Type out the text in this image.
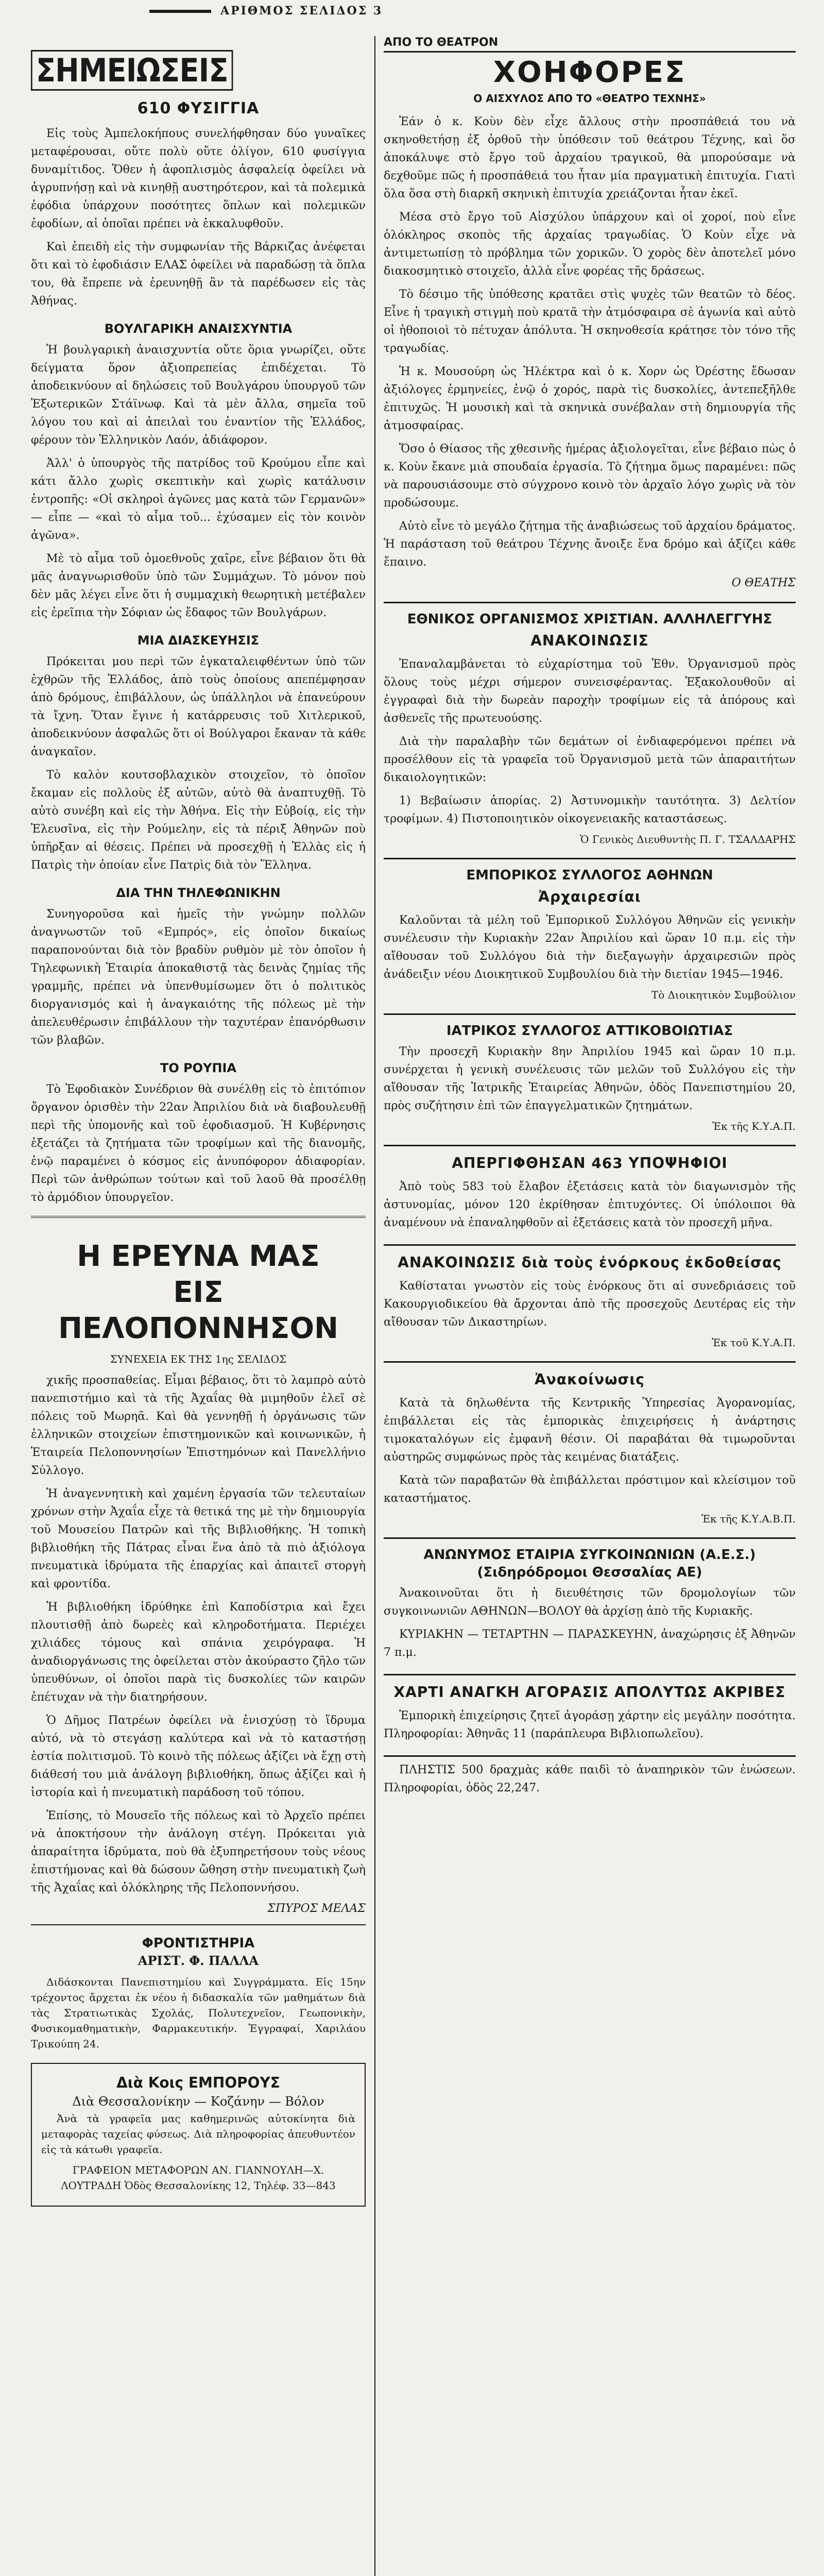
ΑΡΙΘΜΟΣ ΣΕΛΙΔΟΣ 3
ΣΗΜΕΙΩΣΕΙΣ
610 ΦΥΣΙΓΓΙΑ

Εἰς τοὺς Ἀμπελοκήπους συνελήφθησαν δύο γυναῖκες μεταφέρουσαι, οὔτε πολὺ οὔτε ὀλίγον, 610 φυσίγγια δυναμίτιδος. Ὅθεν ἡ ἀφοπλισμὸς ἀσφαλείᾳ ὀφείλει νὰ ἀγρυπνήσῃ καὶ νὰ κινηθῇ αυστηρότερον, καὶ τὰ πολεμικὰ ἐφόδια ὑπάρχουν ποσότητες ὅπλων καὶ πολεμικῶν ἐφοδίων, αἱ ὁποῖαι πρέπει νὰ ἐκκαλυφθοῦν.

Καὶ ἐπειδὴ εἰς τὴν συμφωνίαν τῆς Βάρκιζας ἀνέφεται ὅτι καὶ τὸ ἐφοδιάσιν ΕΛΑΣ ὀφείλει νὰ παραδώσῃ τὰ ὅπλα του, θὰ ἔπρεπε νὰ ἐρευνηθῇ ἂν τὰ παρέδωσεν εἰς τὰς Ἀθήνας.

ΒΟΥΛΓΑΡΙΚΗ ΑΝΑΙΣΧΥΝΤΙΑ

Ἡ βουλγαρικὴ ἀναισχυντία οὔτε ὅρια γνωρίζει, οὔτε δείγματα ὅρον ἀξιοπρεπείας ἐπιδέχεται. Τὸ ἀποδεικνύουν αἱ δηλώσεις τοῦ Βουλγάρου ὑπουργοῦ τῶν Ἐξωτερικῶν Στάϊνωφ. Καὶ τὰ μὲν ἄλλα, σημεῖα τοῦ λόγου του καὶ αἱ ἀπειλαὶ του ἐναντίον τῆς Ἑλλάδος, φέρουν τὸν Ἑλληνικὸν Λαόν, ἀδιάφορον.

Ἀλλ' ὁ ὑπουργὸς τῆς πατρίδος τοῦ Κρούμου εἶπε καὶ κάτι ἄλλο χωρὶς σκεπτικὴν καὶ χωρὶς κατάλυσιν ἐντροπῆς: «Οἱ σκληροὶ ἀγῶνες μας κατὰ τῶν Γερμανῶν» — εἶπε — «καὶ τὸ αἷμα τοῦ... ἐχύσαμεν εἰς τὸν κοινὸν ἀγῶνα».

Μὲ τὸ αἷμα τοῦ ὁμοεθνοῦς χαῖρε, εἶνε βέβαιον ὅτι θὰ μᾶς ἀναγνωρισθοῦν ὑπὸ τῶν Συμμάχων. Τὸ μόνον ποὺ δὲν μᾶς λέγει εἶνε ὅτι ἡ συμμαχικὴ θεωρητικὴ μετέβαλεν εἰς ἐρεῖπια τὴν Σόφιαν ὡς ἔδαφος τῶν Βουλγάρων.

ΜΙΑ ΔΙΑΣΚΕΥΗΣΙΣ

Πρόκειται μου περὶ τῶν ἐγκαταλειφθέντων ὑπὸ τῶν ἐχθρῶν τῆς Ἑλλάδος, ἀπὸ τοὺς ὁποίους απεπέμφησαν ἀπὸ δρόμους, ἐπιβάλλουν, ὡς ὑπάλληλοι νὰ ἐπανεύρουν τὰ ἴχνη. Ὅταν ἔγινε ἡ κατάρρευσις τοῦ Χιτλερικοῦ, ἀποδεικνύουν ἀσφαλῶς ὅτι οἱ Βούλγαροι ἔκαναν τὰ κάθε ἀναγκαῖον.

Τὸ καλὸν κουτσοβλαχικὸν στοιχεῖον, τὸ ὁποῖον ἔκαμαν εἰς πολλοὺς ἐξ αὐτῶν, αὐτὸ θὰ ἀναπτυχθῇ. Τὸ αὐτὸ συνέβη καὶ εἰς τὴν Ἀθήνα. Εἰς τὴν Εὐβοίᾳ, εἰς τὴν Ἐλευσῖνα, εἰς τὴν Ρούμελην, εἰς τὰ πέριξ Ἀθηνῶν ποὺ ὑπῆρξαν αἱ θέσεις. Πρέπει νὰ προσεχθῇ ἡ Ἑλλὰς εἰς ἡ Πατρὶς τὴν ὁποίαν εἶνε Πατρὶς διὰ τὸν Ἕλληνα.

ΔΙΑ ΤΗΝ ΤΗΛΕΦΩΝΙΚΗΝ

Συνηγοροῦσα καὶ ἡμεῖς τὴν γνώμην πολλῶν ἀναγνωστῶν τοῦ «Εμπρός», εἰς ὁποῖον δικαίως παραπονούνται διὰ τὸν βραδὺν ρυθμὸν μὲ τὸν ὁποῖον ἡ Τηλεφωνικὴ Ἑταιρία ἀποκαθιστᾷ τὰς δεινὰς ζημίας τῆς γραμμῆς, πρέπει νὰ ὑπενθυμίσωμεν ὅτι ὁ πολιτικὸς διοργανισμός καὶ ἡ ἀναγκαιότης τῆς πόλεως μὲ τὴν ἀπελευθέρωσιν ἐπιβάλλουν τὴν ταχυτέραν ἐπανόρθωσιν τῶν βλαβῶν.

ΤΟ ΡΟΥΠΙΑ

Τὸ Ἐφοδιακὸν Συνέδριον θὰ συνέλθῃ εἰς τὸ ἐπιτόπιον ὄργανον ὁρισθὲν τὴν 22αν Ἀπριλίου διὰ νὰ διαβουλευθῇ περὶ τῆς ὑπομονῆς καὶ τοῦ ἐφοδιασμοῦ. Ἡ Κυβέρνησις ἐξετάζει τὰ ζητήματα τῶν τροφίμων καὶ τῆς διανομῆς, ἐνῷ παραμένει ὁ κόσμος εἰς ἀνυπόφορον ἀδιαφορίαν. Περὶ τῶν ἀνθρώπων τούτων καὶ τοῦ λαοῦ θὰ προσέλθῃ τὸ ἀρμόδιον ὑπουργεῖον.

Η ΕΡΕΥΝΑ ΜΑΣ
ΕΙΣ ΠΕΛΟΠΟΝΝΗΣΟΝ
ΣΥΝΕΧΕΙΑ ΕΚ ΤΗΣ 1ης ΣΕΛΙΔΟΣ

χικῆς προσπαθείας. Εἶμαι βέβαιος, ὅτι τὸ λαμπρὸ αὐτὸ πανεπιστήμιο καὶ τὰ τῆς Ἀχαΐας θὰ μιμηθοῦν ἐλεῖ σὲ πόλεις τοῦ Μωρηᾶ. Καὶ θὰ γεννηθῇ ἡ ὀργάνωσις τῶν ἐλληνικῶν στοιχείων ἐπιστημονικῶν καὶ κοινωνικῶν, ἡ Ἑταιρεία Πελοποννησίων Ἐπιστημόνων καὶ Πανελλήνιο Σύλλογο.

Ἡ ἀναγεννητικὴ καὶ χαμένη ἐργασία τῶν τελευταίων χρόνων στὴν Ἀχαΐα εἶχε τὰ θετικά της μὲ τὴν δημιουργία τοῦ Μουσείου Πατρῶν καὶ τῆς Βιβλιοθήκης. Ἡ τοπικὴ βιβλιοθήκη τῆς Πάτρας εἶναι ἕνα ἀπὸ τὰ πιὸ ἀξιόλογα πνευματικὰ ἱδρύματα τῆς ἐπαρχίας καὶ ἀπαιτεῖ στοργὴ καὶ φροντίδα.

Ἡ βιβλιοθήκη ἱδρύθηκε ἐπὶ Καποδίστρια καὶ ἔχει πλουτισθῇ ἀπὸ δωρεὲς καὶ κληροδοτήματα. Περιέχει χιλιάδες τόμους καὶ σπάνια χειρόγραφα. Ἡ ἀναδιοργάνωσις της ὀφείλεται στὸν ἀκούραστο ζῆλο τῶν ὑπευθύνων, οἱ ὁποῖοι παρὰ τὶς δυσκολίες τῶν καιρῶν ἐπέτυχαν νὰ τὴν διατηρήσουν.

Ὁ Δῆμος Πατρέων ὀφείλει νὰ ἐνισχύσῃ τὸ ἵδρυμα αὐτό, νὰ τὸ στεγάσῃ καλύτερα καὶ νὰ τὸ καταστήσῃ ἑστία πολιτισμοῦ. Τὸ κοινὸ τῆς πόλεως ἀξίζει νὰ ἔχῃ στὴ διάθεσή του μιὰ ἀνάλογη βιβλιοθήκη, ὅπως ἀξίζει καὶ ἡ ἱστορία καὶ ἡ πνευματικὴ παράδοση τοῦ τόπου.

Ἐπίσης, τὸ Μουσεῖο τῆς πόλεως καὶ τὸ Ἀρχεῖο πρέπει νὰ ἀποκτήσουν τὴν ἀνάλογη στέγη. Πρόκειται γιὰ ἀπαραίτητα ἱδρύματα, ποὺ θὰ ἐξυπηρετήσουν τοὺς νέους ἐπιστήμονας καὶ θὰ δώσουν ὤθηση στὴν πνευματικὴ ζωὴ τῆς Ἀχαΐας καὶ ὁλόκληρης τῆς Πελοποννήσου.

ΣΠΥΡΟΣ ΜΕΛΑΣ
ΦΡΟΝΤΙΣΤΗΡΙΑ
ΑΡΙΣΤ. Φ. ΠΑΛΛΑ

Διδάσκονται Πανεπιστημίου καὶ Συγγράμματα. Εἰς 15ην τρέχοντος ἄρχεται ἐκ νέου ἡ διδασκαλία τῶν μαθημάτων διὰ τὰς Στρατιωτικὰς Σχολάς, Πολυτεχνεῖον, Γεωπονικὴν, Φυσικομαθηματικὴν, Φαρμακευτικήν. Ἐγγραφαί, Χαριλάου Τρικούπη 24.

Διὰ Κοις ΕΜΠΟΡΟΥΣ
Διὰ Θεσσαλονίκην — Κοζάνην — Βόλον

Ἀνὰ τὰ γραφεῖα μας καθημερινῶς αὐτοκίνητα διὰ μεταφορὰς ταχείας φύσεως. Διὰ πληροφορίας ἀπευθυντέον εἰς τὰ κάτωθι γραφεῖα.

ΓΡΑΦΕΙΟΝ ΜΕΤΑΦΟΡΩΝ ΑΝ. ΓΙΑΝΝΟΥΛΗ—Χ. ΛΟΥΤΡΑΔΗ Ὁδὸς Θεσσαλονίκης 12, Τηλέφ. 33—843

ΑΠΟ ΤΟ ΘΕΑΤΡΟΝ
ΧΟΗΦΟΡΕΣ
Ο ΑΙΣΧΥΛΟΣ ΑΠΟ ΤΟ «ΘΕΑΤΡΟ ΤΕΧΝΗΣ»

Ἐάν ὁ κ. Κοὺν δὲν εἶχε ἄλλους στὴν προσπάθειά του νὰ σκηνοθετήσῃ ἐξ ὀρθοῦ τὴν ὑπόθεσιν τοῦ θεάτρου Τέχνης, καὶ ὅσ ἀποκάλυψε στὸ ἔργο τοῦ ἀρχαίου τραγικοῦ, θὰ μπορούσαμε νὰ δεχθοῦμε πῶς ἡ προσπάθειά του ἦταν μία πραγματικὴ ἐπιτυχία. Γιατὶ ὅλα ὅσα στὴ διαρκῆ σκηνικὴ ἐπιτυχία χρειάζονται ἦταν ἐκεῖ.

Μέσα στὸ ἔργο τοῦ Αἰσχύλου ὑπάρχουν καὶ οἱ χοροί, ποὺ εἶνε ὁλόκληρος σκοπὸς τῆς ἀρχαίας τραγωδίας. Ὁ Κοὺν εἶχε νὰ ἀντιμετωπίσῃ τὸ πρόβλημα τῶν χορικῶν. Ὁ χορὸς δὲν ἀποτελεῖ μόνο διακοσμητικὸ στοιχεῖο, ἀλλὰ εἶνε φορέας τῆς δράσεως.

Τὸ δέσιμο τῆς ὑπόθεσης κρατᾶει στὶς ψυχὲς τῶν θεατῶν τὸ δέος. Εἶνε ἡ τραγικὴ στιγμὴ ποὺ κρατᾶ τὴν ἀτμόσφαιρα σὲ ἀγωνία καὶ αὐτὸ οἱ ἠθοποιοὶ τὸ πέτυχαν ἀπόλυτα. Ἡ σκηνοθεσία κράτησε τὸν τόνο τῆς τραγωδίας.

Ἡ κ. Μουσούρη ὡς Ἠλέκτρα καὶ ὁ κ. Χορν ὡς Ὀρέστης ἔδωσαν ἀξιόλογες ἑρμηνείες, ἐνῷ ὁ χορός, παρὰ τὶς δυσκολίες, ἀντεπεξῆλθε ἐπιτυχῶς. Ἡ μουσικὴ καὶ τὰ σκηνικὰ συνέβαλαν στὴ δημιουργία τῆς ἀτμοσφαίρας.

Ὅσο ὁ Θίασος τῆς χθεσινῆς ἡμέρας ἀξιολογεῖται, εἶνε βέβαιο πὼς ὁ κ. Κοὺν ἔκανε μιὰ σπουδαία ἐργασία. Τὸ ζήτημα ὅμως παραμένει: πῶς νὰ παρουσιάσουμε στὸ σύγχρονο κοινὸ τὸν ἀρχαῖο λόγο χωρὶς νὰ τὸν προδώσουμε.

Αὐτὸ εἶνε τὸ μεγάλο ζήτημα τῆς ἀναβιώσεως τοῦ ἀρχαίου δράματος. Ἡ παράσταση τοῦ θεάτρου Τέχνης ἄνοιξε ἕνα δρόμο καὶ ἀξίζει κάθε ἔπαινο.

Ο ΘΕΑΤΗΣ
ΕΘΝΙΚΟΣ ΟΡΓΑΝΙΣΜΟΣ ΧΡΙΣΤΙΑΝ. ΑΛΛΗΛΕΓΓΥΗΣ
ΑΝΑΚΟΙΝΩΣΙΣ

Ἐπαναλαμβάνεται τὸ εὐχαρίστημα τοῦ Ἐθν. Ὀργανισμοῦ πρὸς ὅλους τοὺς μέχρι σήμερον συνεισφέραντας. Ἐξακολουθοῦν αἱ ἐγγραφαὶ διὰ τὴν δωρεὰν παροχὴν τροφίμων εἰς τὰ ἀπόρους καὶ ἀσθενεῖς τῆς πρωτευούσης.

Διὰ τὴν παραλαβὴν τῶν δεμάτων οἱ ἐνδιαφερόμενοι πρέπει νὰ προσέλθουν εἰς τὰ γραφεῖα τοῦ Ὀργανισμοῦ μετὰ τῶν ἀπαραιτήτων δικαιολογητικῶν:

1) Βεβαίωσιν ἀπορίας. 2) Ἀστυνομικὴν ταυτότητα. 3) Δελτίον τροφίμων. 4) Πιστοποιητικὸν οἰκογενειακῆς καταστάσεως.

Ὁ Γενικὸς Διευθυντὴς Π. Γ. ΤΣΑΛΔΑΡΗΣ
ΕΜΠΟΡΙΚΟΣ ΣΥΛΛΟΓΟΣ ΑΘΗΝΩΝ
Ἀρχαιρεσίαι

Καλοῦνται τὰ μέλη τοῦ Ἐμπορικοῦ Συλλόγου Ἀθηνῶν εἰς γενικὴν συνέλευσιν τὴν Κυριακὴν 22αν Ἀπριλίου καὶ ὥραν 10 π.μ. εἰς τὴν αἴθουσαν τοῦ Συλλόγου διὰ τὴν διεξαγωγὴν ἀρχαιρεσιῶν πρὸς ἀνάδειξιν νέου Διοικητικοῦ Συμβουλίου διὰ τὴν διετίαν 1945—1946.

Τὸ Διοικητικὸν Συμβούλιον
ΙΑΤΡΙΚΟΣ ΣΥΛΛΟΓΟΣ ΑΤΤΙΚΟΒΟΙΩΤΙΑΣ

Τὴν προσεχῆ Κυριακὴν 8ην Ἀπριλίου 1945 καὶ ὥραν 10 π.μ. συνέρχεται ἡ γενικὴ συνέλευσις τῶν μελῶν τοῦ Συλλόγου εἰς τὴν αἴθουσαν τῆς Ἰατρικῆς Ἑταιρείας Ἀθηνῶν, ὁδὸς Πανεπιστημίου 20, πρὸς συζήτησιν ἐπὶ τῶν ἐπαγγελματικῶν ζητημάτων.

Ἐκ τῆς Κ.Υ.Α.Π.
ΑΠΕΡΓΙΦΘΗΣΑΝ 463 ΥΠΟΨΗΦΙΟΙ

Ἀπὸ τοὺς 583 τοὺ ἔλαβον ἐξετάσεις κατὰ τὸν διαγωνισμὸν τῆς ἀστυνομίας, μόνον 120 ἐκρίθησαν ἐπιτυχόντες. Οἱ ὑπόλοιποι θὰ ἀναμένουν νὰ ἐπαναληφθοῦν αἱ ἐξετάσεις κατὰ τὸν προσεχῆ μῆνα.

ΑΝΑΚΟΙΝΩΣΙΣ διὰ τοὺς ἐνόρκους ἐκδοθείσας

Καθίσταται γνωστὸν εἰς τοὺς ἐνόρκους ὅτι αἱ συνεδριάσεις τοῦ Κακουργιοδικείου θὰ ἄρχονται ἀπὸ τῆς προσεχοῦς Δευτέρας εἰς τὴν αἴθουσαν τῶν Δικαστηρίων.

Ἐκ τοῦ Κ.Υ.Α.Π.
Ἀνακοίνωσις

Κατὰ τὰ δηλωθέντα τῆς Κεντρικῆς Ὑπηρεσίας Ἀγορανομίας, ἐπιβάλλεται εἰς τὰς ἐμπορικὰς ἐπιχειρήσεις ἡ ἀνάρτησις τιμοκαταλόγων εἰς ἐμφανῆ θέσιν. Οἱ παραβάται θὰ τιμωροῦνται αὐστηρῶς συμφώνως πρὸς τὰς κειμένας διατάξεις.

Κατὰ τῶν παραβατῶν θὰ ἐπιβάλλεται πρόστιμον καὶ κλείσιμον τοῦ καταστήματος.

Ἐκ τῆς Κ.Υ.Α.Β.Π.
ΑΝΩΝΥΜΟΣ ΕΤΑΙΡΙΑ ΣΥΓΚΟΙΝΩΝΙΩΝ (Α.Ε.Σ.) (Σιδηρόδρομοι Θεσσαλίας ΑΕ)

Ἀνακοινοῦται ὅτι ἡ διευθέτησις τῶν δρομολογίων τῶν συγκοινωνιῶν ΑΘΗΝΩΝ—ΒΟΛΟΥ θὰ ἀρχίσῃ ἀπὸ τῆς Κυριακῆς.

ΚΥΡΙΑΚΗΝ — ΤΕΤΑΡΤΗΝ — ΠΑΡΑΣΚΕΥΗΝ, ἀναχώρησις ἐξ Ἀθηνῶν 7 π.μ.

ΧΑΡΤΙ ΑΝΑΓΚΗ ΑΓΟΡΑΣΙΣ ΑΠΟΛΥΤΩΣ ΑΚΡΙΒΕΣ

Ἐμπορικὴ ἐπιχείρησις ζητεῖ ἀγοράσῃ χάρτην εἰς μεγάλην ποσότητα. Πληροφορίαι: Ἀθηνᾶς 11 (παράπλευρα Βιβλιοπωλεῖου).

ΠΛΗΣΤΙΣ 500 δραχμὰς κάθε παιδὶ τὸ ἀναπηρικὸν τῶν ἐνώσεων. Πληροφορίαι, ὁδὸς 22,247.
